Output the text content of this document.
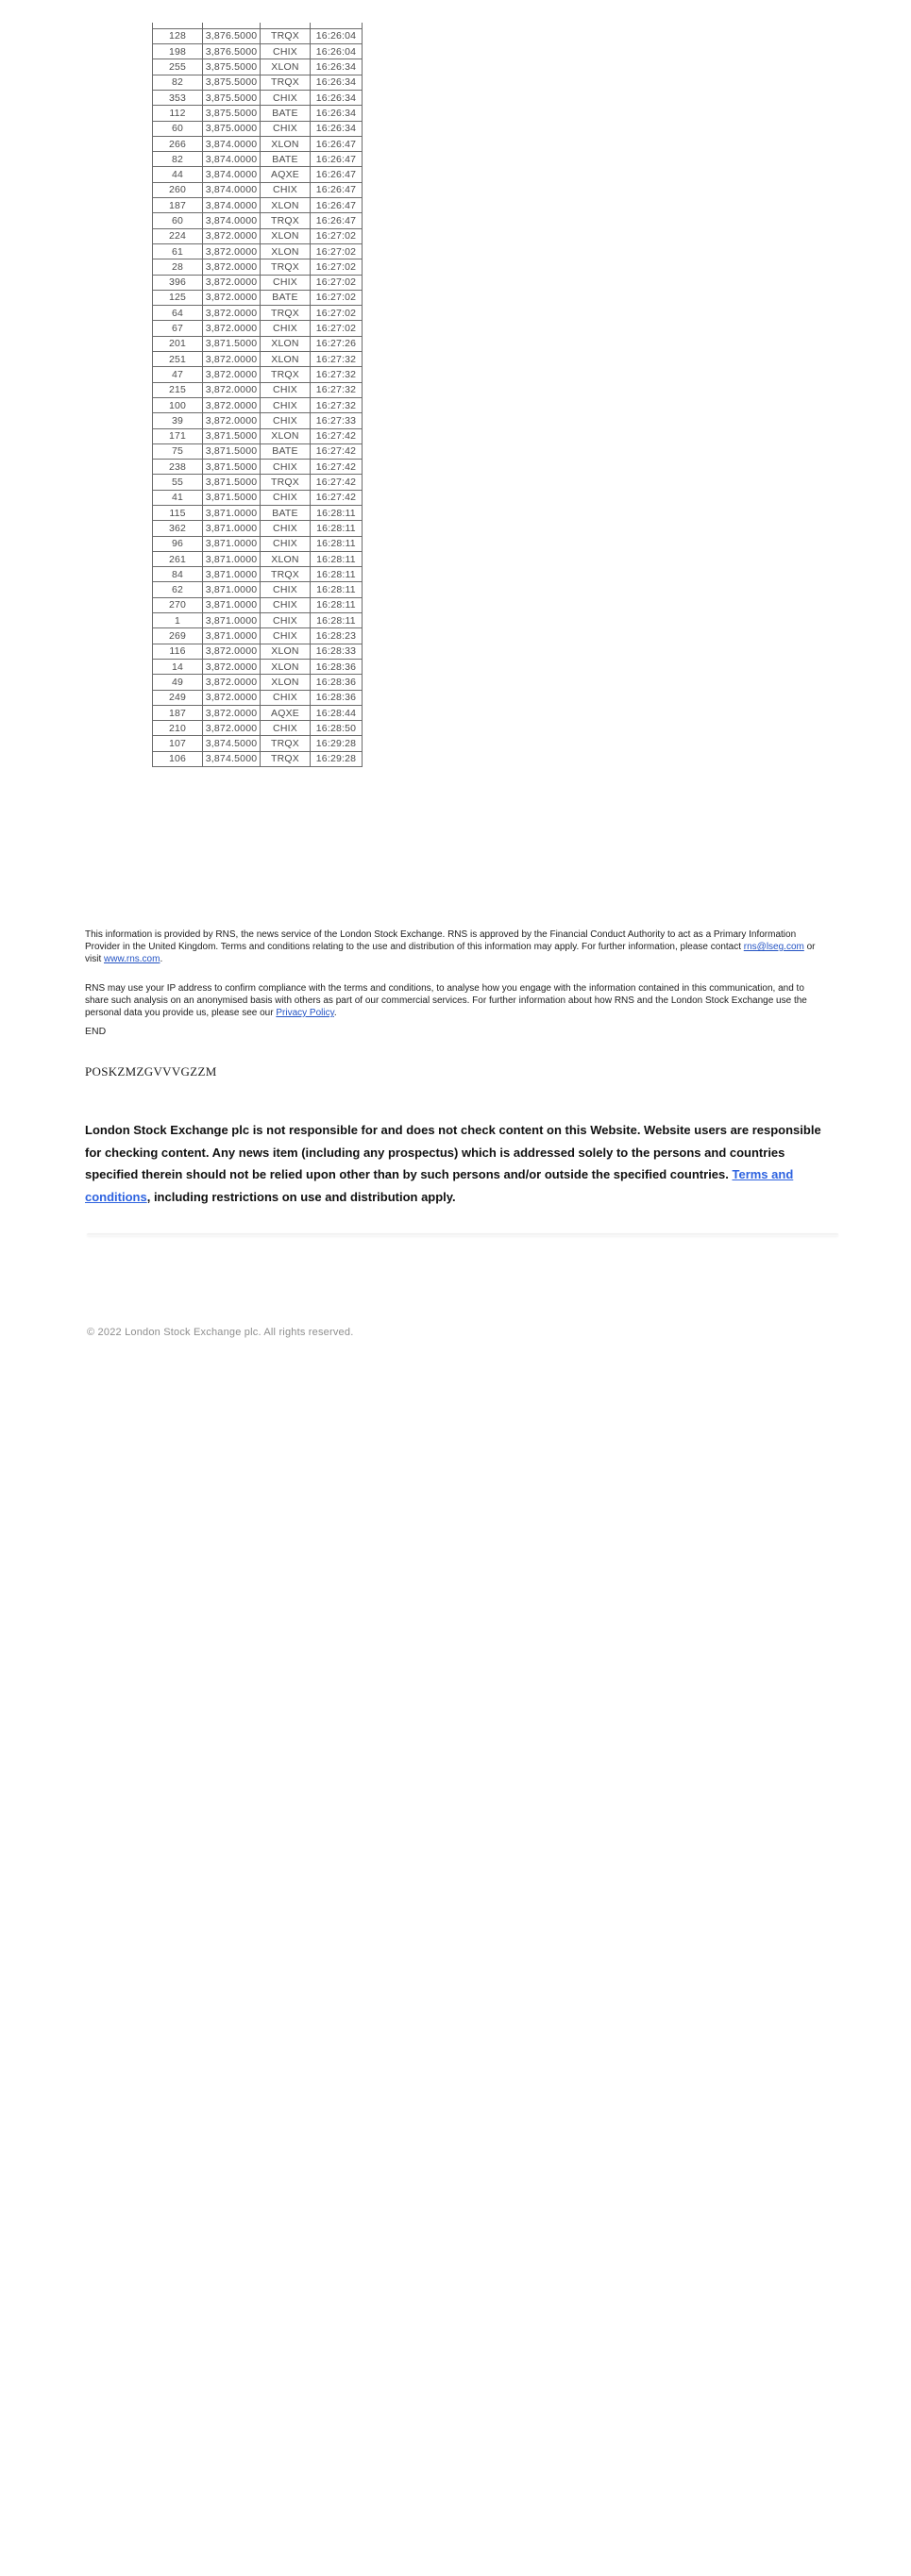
128	3,876.5000	TRQX	16:26:04
198	3,876.5000	CHIX	16:26:04
255	3,875.5000	XLON	16:26:34
82	3,875.5000	TRQX	16:26:34
353	3,875.5000	CHIX	16:26:34
112	3,875.5000	BATE	16:26:34
60	3,875.0000	CHIX	16:26:34
266	3,874.0000	XLON	16:26:47
82	3,874.0000	BATE	16:26:47
44	3,874.0000	AQXE	16:26:47
260	3,874.0000	CHIX	16:26:47
187	3,874.0000	XLON	16:26:47
60	3,874.0000	TRQX	16:26:47
224	3,872.0000	XLON	16:27:02
61	3,872.0000	XLON	16:27:02
28	3,872.0000	TRQX	16:27:02
396	3,872.0000	CHIX	16:27:02
125	3,872.0000	BATE	16:27:02
64	3,872.0000	TRQX	16:27:02
67	3,872.0000	CHIX	16:27:02
201	3,871.5000	XLON	16:27:26
251	3,872.0000	XLON	16:27:32
47	3,872.0000	TRQX	16:27:32
215	3,872.0000	CHIX	16:27:32
100	3,872.0000	CHIX	16:27:32
39	3,872.0000	CHIX	16:27:33
171	3,871.5000	XLON	16:27:42
75	3,871.5000	BATE	16:27:42
238	3,871.5000	CHIX	16:27:42
55	3,871.5000	TRQX	16:27:42
41	3,871.5000	CHIX	16:27:42
115	3,871.0000	BATE	16:28:11
362	3,871.0000	CHIX	16:28:11
96	3,871.0000	CHIX	16:28:11
261	3,871.0000	XLON	16:28:11
84	3,871.0000	TRQX	16:28:11
62	3,871.0000	CHIX	16:28:11
270	3,871.0000	CHIX	16:28:11
1	3,871.0000	CHIX	16:28:11
269	3,871.0000	CHIX	16:28:23
116	3,872.0000	XLON	16:28:33
14	3,872.0000	XLON	16:28:36
49	3,872.0000	XLON	16:28:36
249	3,872.0000	CHIX	16:28:36
187	3,872.0000	AQXE	16:28:44
210	3,872.0000	CHIX	16:28:50
107	3,874.5000	TRQX	16:29:28
106	3,874.5000	TRQX	16:29:28

This information is provided by RNS, the news service of the London Stock Exchange. RNS is approved by the Financial Conduct Authority to act as a Primary Information Provider in the United Kingdom. Terms and conditions relating to the use and distribution of this information may apply. For further information, please contact rns@lseg.com or visit www.rns.com.

RNS may use your IP address to confirm compliance with the terms and conditions, to analyse how you engage with the information contained in this communication, and to share such analysis on an anonymised basis with others as part of our commercial services. For further information about how RNS and the London Stock Exchange use the personal data you provide us, please see our Privacy Policy.

END
POSKZMZGVVVGZZM

London Stock Exchange plc is not responsible for and does not check content on this Website. Website users are responsible for checking content. Any news item (including any prospectus) which is addressed solely to the persons and countries specified therein should not be relied upon other than by such persons and/or outside the specified countries. Terms and conditions, including restrictions on use and distribution apply.

© 2022 London Stock Exchange plc. All rights reserved.
